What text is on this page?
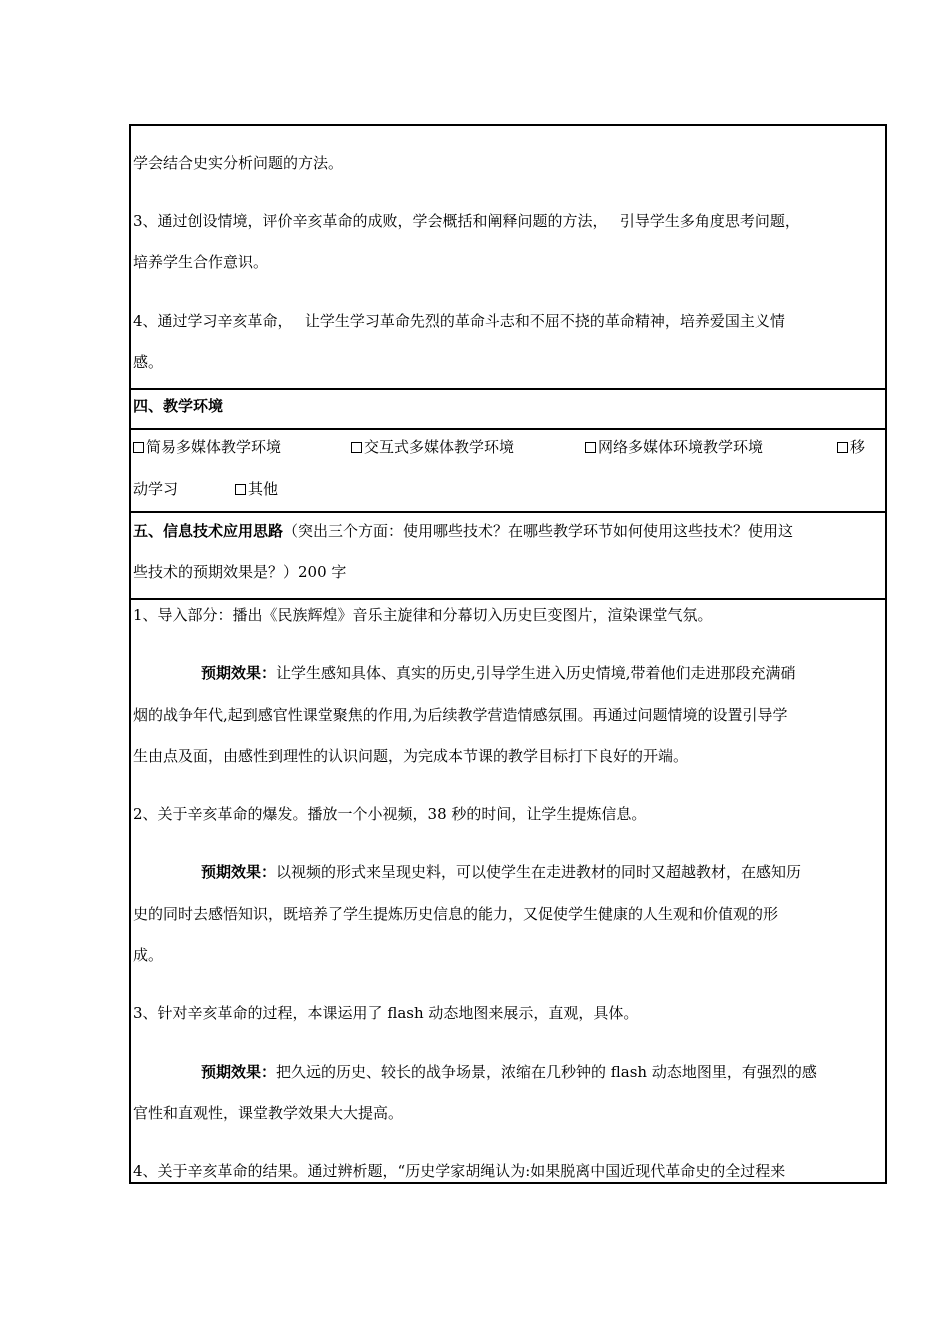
学会结合史实分析问题的方法。
3、通过创设情境，评价辛亥革命的成败，学会概括和阐释问题的方法，　 引导学生多角度思考问题，
培养学生合作意识。
4、通过学习辛亥革命，　 让学生学习革命先烈的革命斗志和不屈不挠的革命精神，培养爱国主义情
感。
四、教学环境
简易多媒体教学环境	交互式多媒体教学环境	网络多媒体环境教学环境	移
动学习	其他
五、信息技术应用思路（突出三个方面：使用哪些技术？在哪些教学环节如何使用这些技术？使用这
些技术的预期效果是？）200 字
1、导入部分：播出《民族辉煌》音乐主旋律和分幕切入历史巨变图片，渲染课堂气氛。
预期效果：让学生感知具体、真实的历史,引导学生进入历史情境,带着他们走进那段充满硝
烟的战争年代,起到感官性课堂聚焦的作用,为后续教学营造情感氛围。再通过问题情境的设置引导学
生由点及面，由感性到理性的认识问题，为完成本节课的教学目标打下良好的开端。
2、关于辛亥革命的爆发。播放一个小视频，38 秒的时间，让学生提炼信息。
预期效果：以视频的形式来呈现史料，可以使学生在走进教材的同时又超越教材，在感知历
史的同时去感悟知识，既培养了学生提炼历史信息的能力，又促使学生健康的人生观和价值观的形
成。
3、针对辛亥革命的过程，本课运用了 flash 动态地图来展示，直观，具体。
预期效果：把久远的历史、较长的战争场景，浓缩在几秒钟的 flash 动态地图里，有强烈的感
官性和直观性，课堂教学效果大大提高。
4、关于辛亥革命的结果。通过辨析题，“历史学家胡绳认为:如果脱离中国近现代革命史的全过程来
